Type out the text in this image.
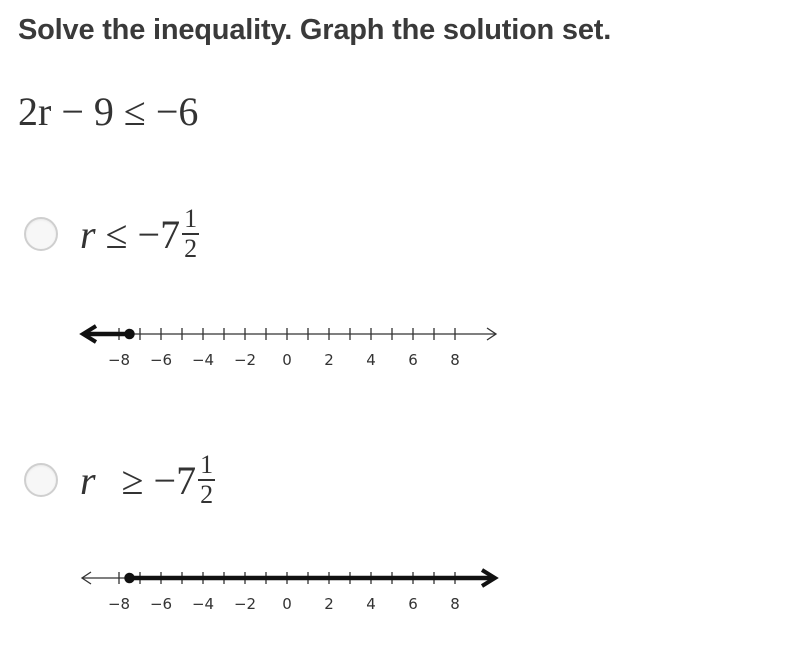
Solve the inequality. Graph the solution set.
2r − 9 ≤ −6
$r \le -7 \frac{1}{2}$
−8 −6 −4 −2 0 2 4 6 8
$r \ge -7 \frac{1}{2}$
−8 −6 −4 −2 0 2 4 6 8
